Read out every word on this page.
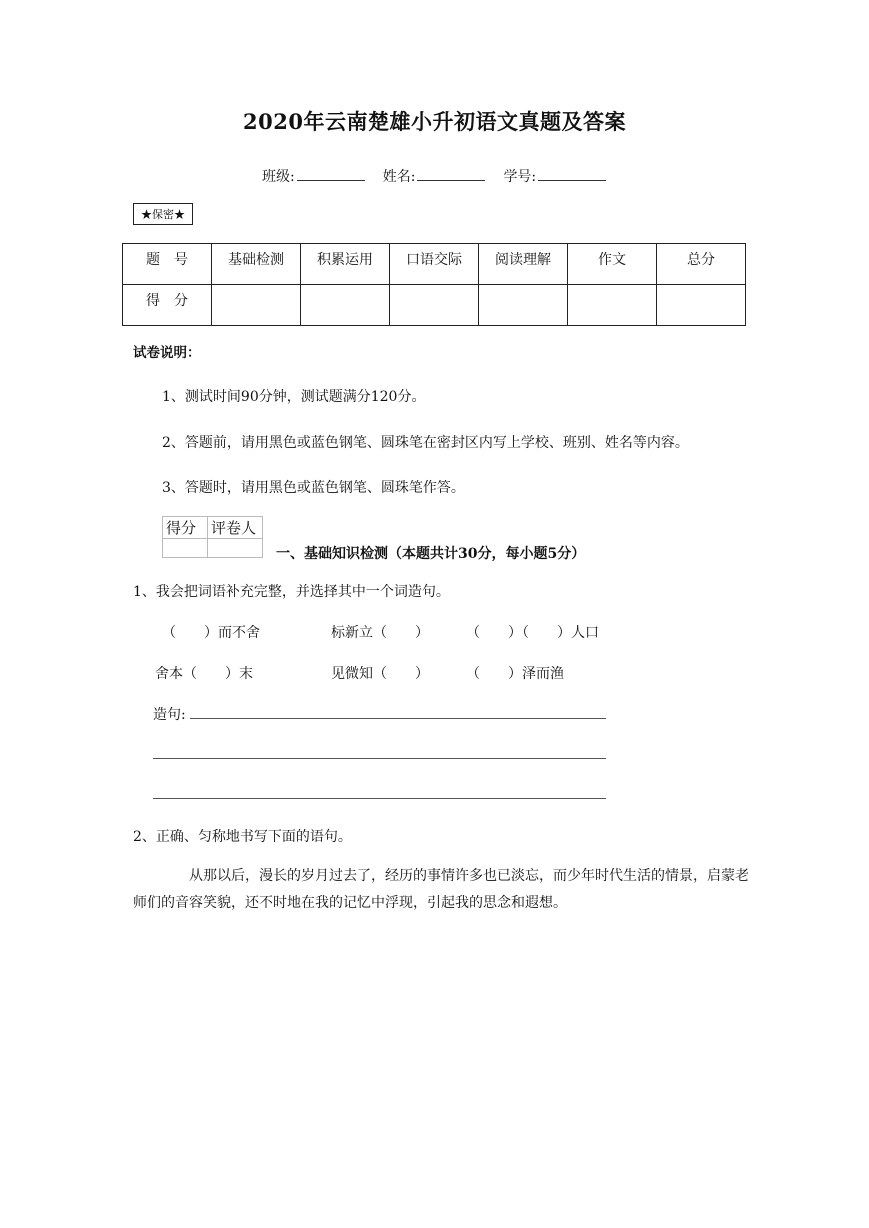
2020年云南楚雄小升初语文真题及答案
班级:	姓名:	学号:
★保密★
题　号	基础检测	积累运用	口语交际	阅读理解	作文	总分
得　分						
试卷说明：
1、测试时间90分钟，测试题满分120分。
2、答题前，请用黑色或蓝色钢笔、圆珠笔在密封区内写上学校、班别、姓名等内容。
3、答题时，请用黑色或蓝色钢笔、圆珠笔作答。
得分	评卷人

一、基础知识检测（本题共计30分，每小题5分）
1、我会把词语补充完整，并选择其中一个词造句。
（　　）而不舍	标新立（　　）	（　　）（　　）人口
舍本（　　）末	见微知（　　）	（　　）泽而渔
造句:
2、正确、匀称地书写下面的语句。
从那以后，漫长的岁月过去了，经历的事情许多也已淡忘，而少年时代生活的情景，启蒙老师们的音容笑貌，还不时地在我的记忆中浮现，引起我的思念和遐想。
